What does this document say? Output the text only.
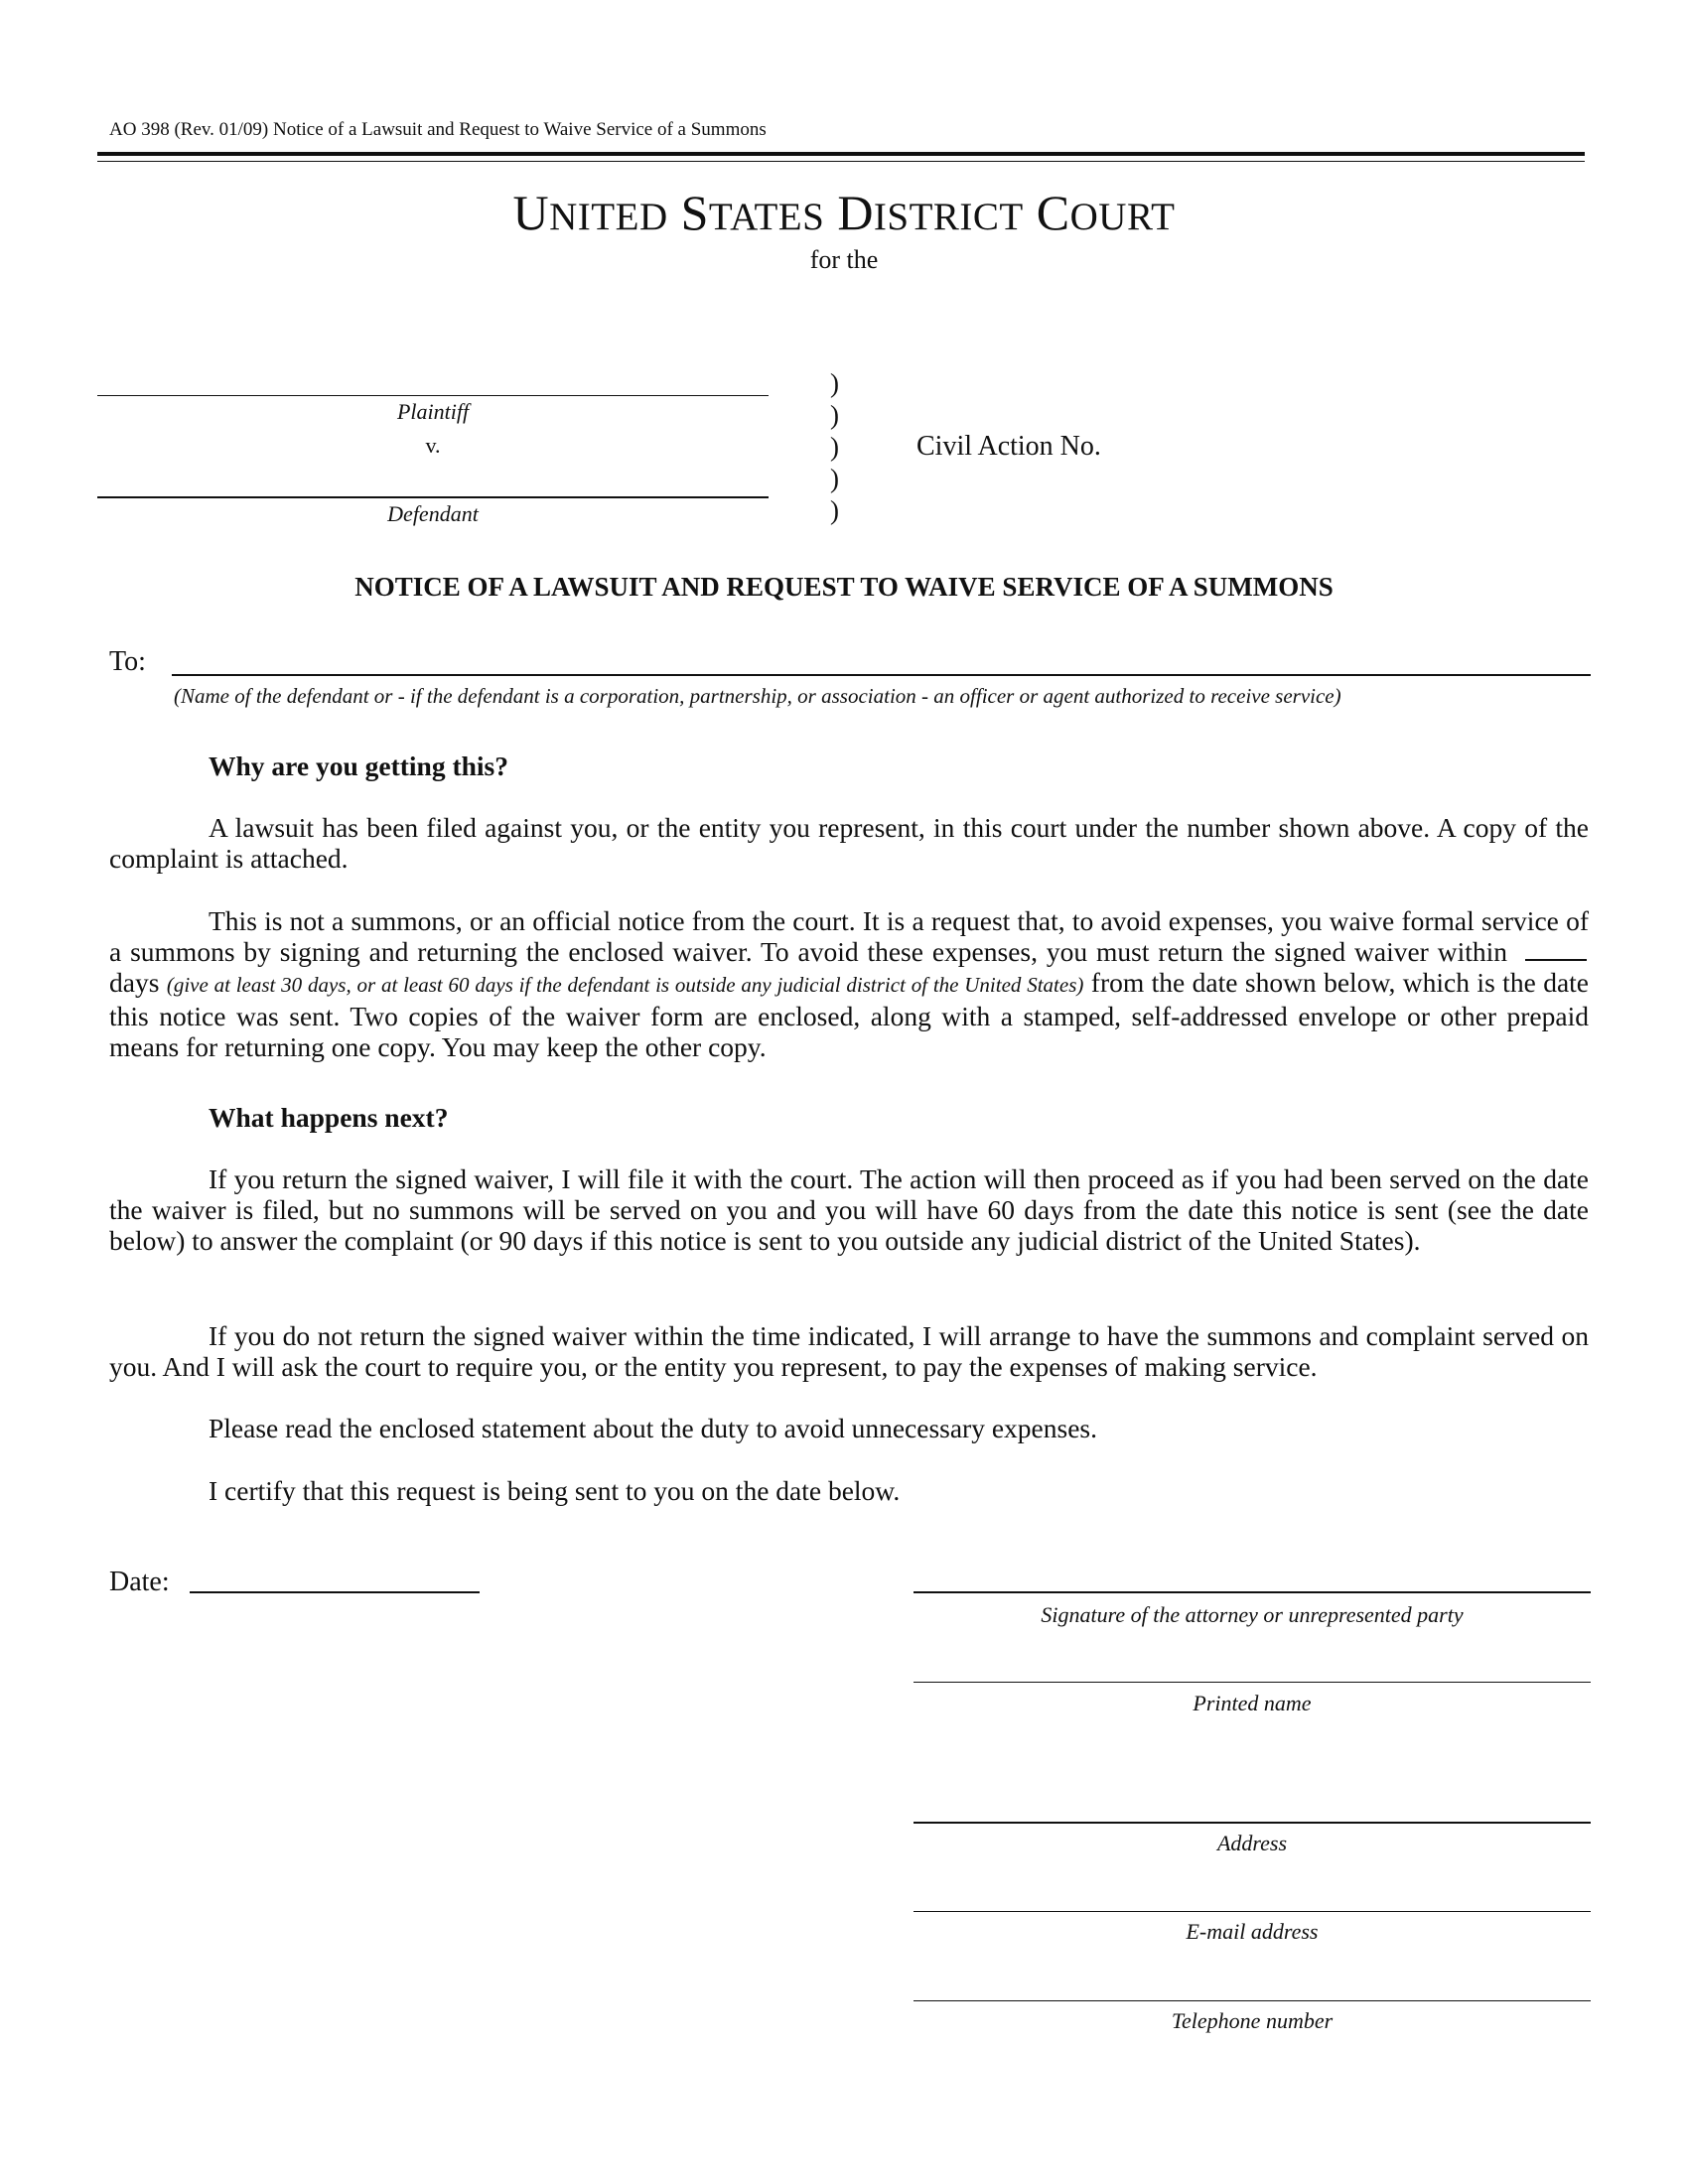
AO 398 (Rev. 01/09) Notice of a Lawsuit and Request to Waive Service of a Summons
UNITED STATES DISTRICT COURT
for the
Plaintiff
v.
Defendant
)
)
)
)
)
Civil Action No.
NOTICE OF A LAWSUIT AND REQUEST TO WAIVE SERVICE OF A SUMMONS
To:
(Name of the defendant or - if the defendant is a corporation, partnership, or association - an officer or agent authorized to receive service)
Why are you getting this?
A lawsuit has been filed against you, or the entity you represent, in this court under the number shown above. A copy of the complaint is attached.
This is not a summons, or an official notice from the court. It is a request that, to avoid expenses, you waive formal service of a summons by signing and returning the enclosed waiver. To avoid these expenses, you must return the signed waiver withindays (give at least 30 days, or at least 60 days if the defendant is outside any judicial district of the United States) from the date shown below, which is the date this notice was sent. Two copies of the waiver form are enclosed, along with a stamped, self-addressed envelope or other prepaid means for returning one copy. You may keep the other copy.
What happens next?
If you return the signed waiver, I will file it with the court. The action will then proceed as if you had been served on the date the waiver is filed, but no summons will be served on you and you will have 60 days from the date this notice is sent (see the date below) to answer the complaint (or 90 days if this notice is sent to you outside any judicial district of the United States).
If you do not return the signed waiver within the time indicated, I will arrange to have the summons and complaint served on you. And I will ask the court to require you, or the entity you represent, to pay the expenses of making service.
Please read the enclosed statement about the duty to avoid unnecessary expenses.
I certify that this request is being sent to you on the date below.
Date:
Signature of the attorney or unrepresented party
Printed name
Address
E-mail address
Telephone number
